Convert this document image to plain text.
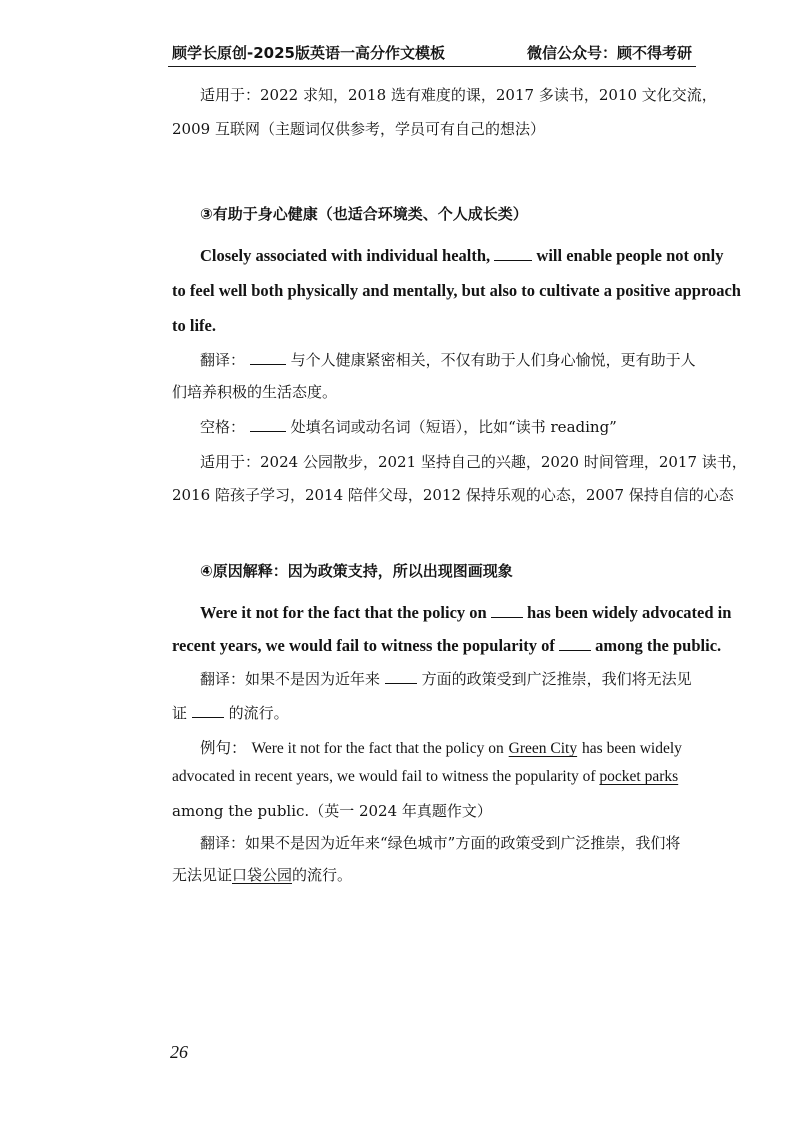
顾学长原创-2025版英语一高分作文模板	微信公众号：顾不得考研
适用于：2022 求知，2018 选有难度的课，2017 多读书，2010 文化交流，
2009 互联网（主题词仅供参考，学员可有自己的想法）
③有助于身心健康（也适合环境类、个人成长类）
Closely associated with individual health,	will enable people not only
to feel well both physically and mentally, but also to cultivate a positive approach
to life.
翻译：	与个人健康紧密相关，不仅有助于人们身心愉悦，更有助于人
们培养积极的生活态度。
空格：	处填名词或动名词（短语），比如“读书 reading”
适用于：2024 公园散步，2021 坚持自己的兴趣，2020 时间管理，2017 读书，
2016 陪孩子学习，2014 陪伴父母，2012 保持乐观的心态，2007 保持自信的心态
④原因解释：因为政策支持，所以出现图画现象
Were it not for the fact that the policy on has been widely advocated in
recent years, we would fail to witness the popularity of among the public.
翻译：如果不是因为近年来	方面的政策受到广泛推崇，我们将无法见
证	的流行。
例句： Were it not for the fact that the policy on Green City has been widely
advocated in recent years, we would fail to witness the popularity of pocket parks
among the public.（英一 2024 年真题作文）
翻译：如果不是因为近年来“绿色城市”方面的政策受到广泛推崇，我们将
无法见证口袋公园的流行。
26
